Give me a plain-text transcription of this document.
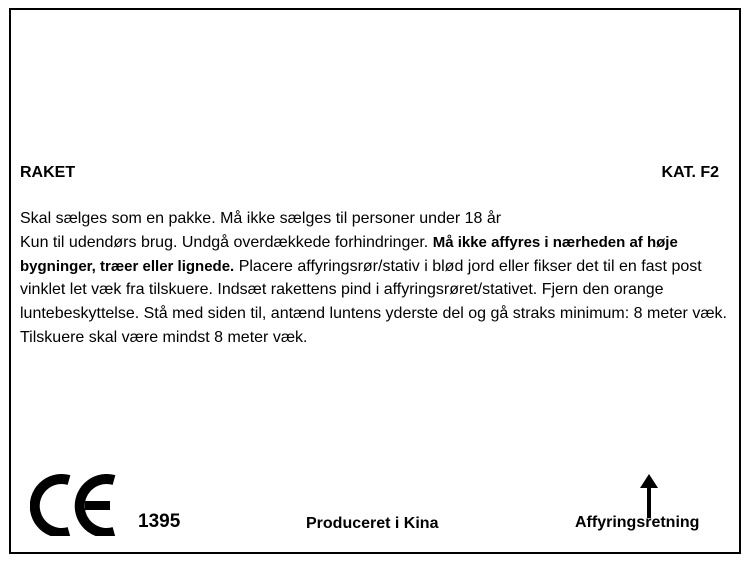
RAKET	KAT. F2
Skal sælges som en pakke. Må ikke sælges til personer under 18 år
Kun til udendørs brug. Undgå overdækkede forhindringer. Må ikke affyres i nærheden af høje bygninger, træer eller lignede. Placere affyringsrør/stativ i blød jord eller fikser det til en fast post vinklet let væk fra tilskuere. Indsæt rakettens pind i affyringsrøret/stativet. Fjern den orange luntebeskyttelse. Stå med siden til, antænd luntens yderste del og gå straks minimum: 8 meter væk. Tilskuere skal være mindst 8 meter væk.
1395	Produceret i Kina	Affyringsretning
